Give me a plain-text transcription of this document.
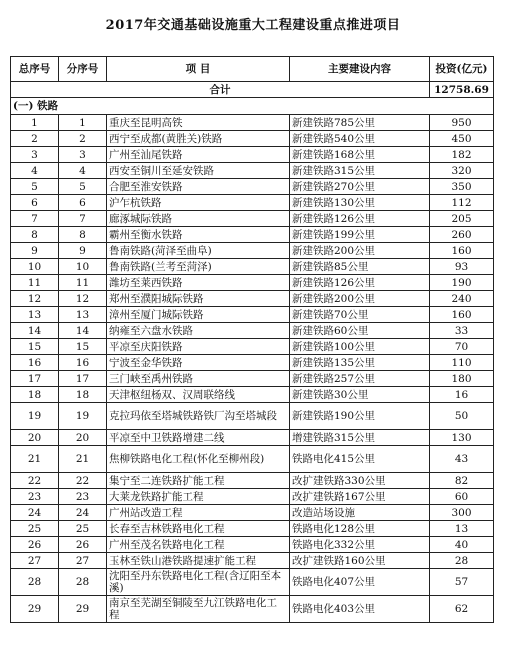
2017年交通基础设施重大工程建设重点推进项目
总序号	分序号	项 目	主要建设内容	投资(亿元)
合计				12758.69
(一) 铁路				
1	1	重庆至昆明高铁	新建铁路785公里	950
2	2	西宁至成都(黄胜关)铁路	新建铁路540公里	450
3	3	广州至汕尾铁路	新建铁路168公里	182
4	4	西安至铜川至延安铁路	新建铁路315公里	320
5	5	合肥至淮安铁路	新建铁路270公里	350
6	6	沪乍杭铁路	新建铁路130公里	112
7	7	廊涿城际铁路	新建铁路126公里	205
8	8	霸州至衡水铁路	新建铁路199公里	260
9	9	鲁南铁路(菏泽至曲阜)	新建铁路200公里	160
10	10	鲁南铁路(兰考至菏泽)	新建铁路85公里	93
11	11	潍坊至莱西铁路	新建铁路126公里	190
12	12	郑州至濮阳城际铁路	新建铁路200公里	240
13	13	漳州至厦门城际铁路	新建铁路70公里	160
14	14	纳雍至六盘水铁路	新建铁路60公里	33
15	15	平凉至庆阳铁路	新建铁路100公里	70
16	16	宁波至金华铁路	新建铁路135公里	110
17	17	三门峡至禹州铁路	新建铁路257公里	180
18	18	天津枢纽杨双、汉周联络线	新建铁路30公里	16
19	19	克拉玛依至塔城铁路铁厂沟至塔城段	新建铁路190公里	50
20	20	平凉至中卫铁路增建二线	增建铁路315公里	130
21	21	焦柳铁路电化工程(怀化至柳州段)	铁路电化415公里	43
22	22	集宁至二连铁路扩能工程	改扩建铁路330公里	82
23	23	大莱龙铁路扩能工程	改扩建铁路167公里	60
24	24	广州站改造工程	改造站场设施	300
25	25	长春至吉林铁路电化工程	铁路电化128公里	13
26	26	广州至茂名铁路电化工程	铁路电化332公里	40
27	27	玉林至铁山港铁路提速扩能工程	改扩建铁路160公里	28
28	28	沈阳至丹东铁路电化工程(含辽阳至本溪)	铁路电化407公里	57
29	29	南京至芜湖至铜陵至九江铁路电化工程	铁路电化403公里	62
